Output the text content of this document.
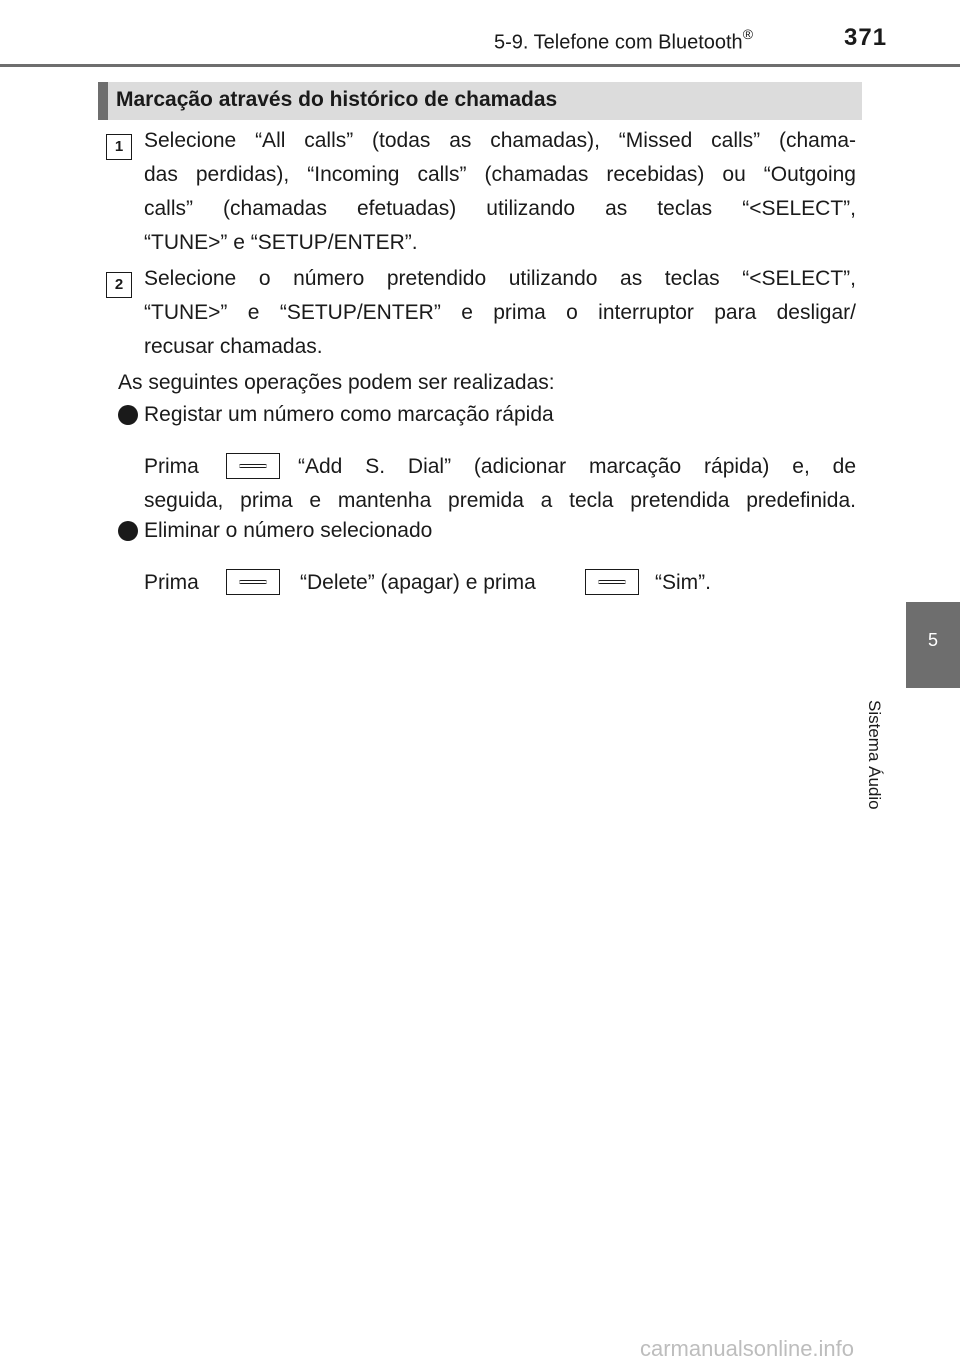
5-9. Telefone com Bluetooth®	371
5
Sistema Áudio
Marcação através do histórico de chamadas
1 Selecione “All calls” (todas as chamadas), “Missed calls” (chama-
das perdidas), “Incoming calls” (chamadas recebidas) ou “Outgoing
calls” (chamadas efetuadas) utilizando as teclas “<SELECT”,
“TUNE>” e “SETUP/ENTER”.
2 Selecione o número pretendido utilizando as teclas “<SELECT”,
“TUNE>” e “SETUP/ENTER” e prima o interruptor para desligar/
recusar chamadas.
As seguintes operações podem ser realizadas:
Registar um número como marcação rápida
Prima	“Add S. Dial” (adicionar marcação rápida) e, de
seguida, prima e mantenha premida a tecla pretendida predefinida.
Eliminar o número selecionado
Prima	“Delete” (apagar) e prima	“Sim”.
carmanualsonline.info
